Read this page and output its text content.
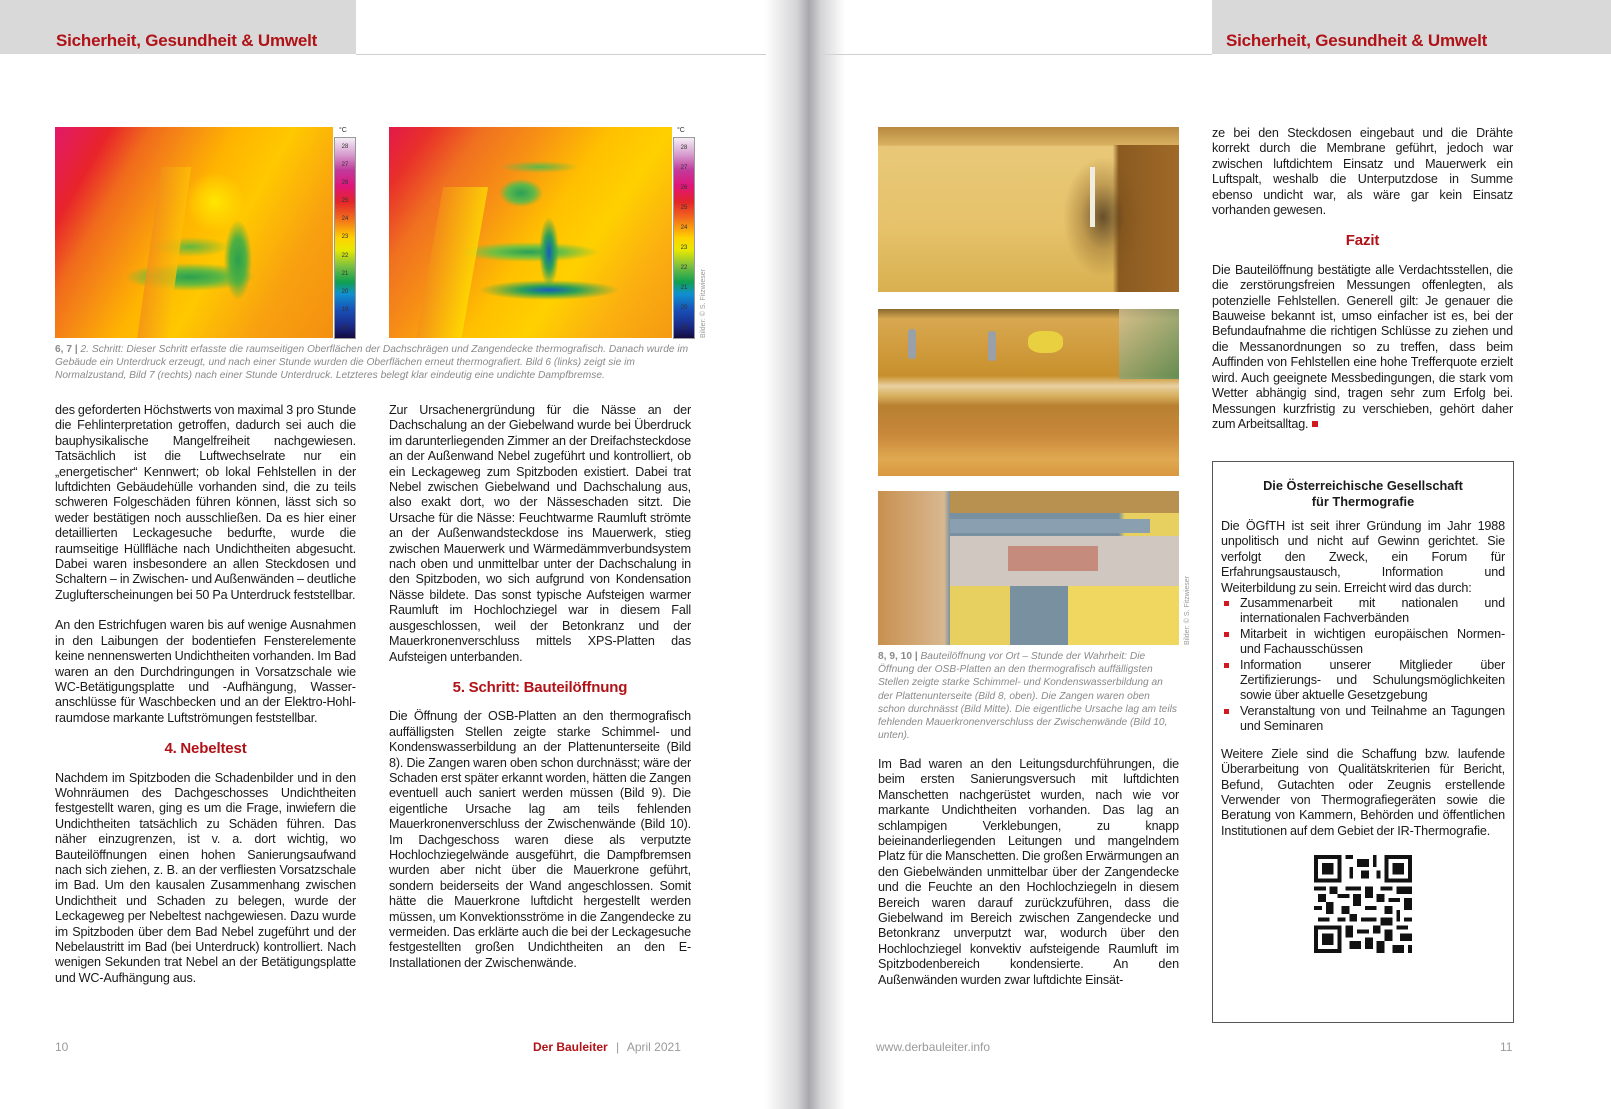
Sicherheit, Gesundheit & Umwelt
28
27
26
25
24
23
22
21
20
19
18
°C
28
27
26
25
24
23
22
21
20
19
°C
Bilder: © S. Fitzwieser
6, 7 | 2. Schritt: Dieser Schritt erfasste die raumseitigen Oberflächen der Dachschrägen und Zangendecke thermografisch. Danach wurde im Gebäude ein Unterdruck erzeugt, und nach einer Stunde wurden die Oberflächen erneut thermografiert. Bild 6 (links) zeigt sie im Normalzustand, Bild 7 (rechts) nach einer Stunde Unterdruck. Letzteres belegt klar eindeutig eine undichte Dampfbremse.

des geforderten Höchstwerts von maximal 3 pro Stunde die Fehlinterpretation getroffen, dadurch sei auch die bauphysikalische Mangelfreiheit nachgewiesen. Tatsächlich ist die Luftwechselrate nur ein „energetischer“ Kennwert; ob lokal Fehlstellen in der luftdichten Gebäudehülle vorhanden sind, die zu teils schweren Folgeschäden führen können, lässt sich so weder bestätigen noch ausschließen. Da es hier einer detaillierten Leckagesuche bedurfte, wurde die raumseitige Hüllfläche nach Undichtheiten abgesucht. Dabei waren insbesondere an allen Steckdosen und Schaltern – in Zwischen- und Außenwänden – deutliche Zuglufterscheinungen bei 50 Pa Unterdruck feststellbar.

An den Estrichfugen waren bis auf wenige Ausnahmen in den Laibungen der bodentiefen Fensterelemente keine nennenswerten Undichtheiten vorhanden. Im Bad waren an den Durchdringungen in Vorsatzschale wie WC-Betätigungsplatte und -Aufhängung, Wasseranschlüsse für Waschbecken und an der Elektro-Hohlraumdose markante Luftströmungen feststellbar.

4. Nebeltest

Nachdem im Spitzboden die Schadenbilder und in den Wohnräumen des Dachgeschosses Undichtheiten festgestellt waren, ging es um die Frage, inwiefern die Undichtheiten tatsächlich zu Schäden führen. Das näher einzugrenzen, ist v. a. dort wichtig, wo Bauteilöffnungen einen hohen Sanierungsaufwand nach sich ziehen, z. B. an der verfliesten Vorsatzschale im Bad. Um den kausalen Zusammenhang zwischen Undichtheit und Schaden zu belegen, wurde der Leckageweg per Nebeltest nachgewiesen. Dazu wurde im Spitzboden über dem Bad Nebel zugeführt und der Nebelaustritt im Bad (bei Unterdruck) kontrolliert. Nach wenigen Sekunden trat Nebel an der Betätigungsplatte und WC-Aufhängung aus.

Zur Ursachenergründung für die Nässe an der Dachschalung an der Giebelwand wurde bei Überdruck im darunterliegenden Zimmer an der Dreifachsteckdose an der Außenwand Nebel zugeführt und kontrolliert, ob ein Leckageweg zum Spitzboden existiert. Dabei trat Nebel zwischen Giebelwand und Dachschalung aus, also exakt dort, wo der Nässeschaden sitzt. Die Ursache für die Nässe: Feuchtwarme Raumluft strömte an der Außenwandsteckdose ins Mauerwerk, stieg zwischen Mauerwerk und Wärmedämmverbundsystem nach oben und unmittelbar unter der Dachschalung in den Spitzboden, wo sich aufgrund von Kondensation Nässe bildete. Das sonst typische Aufsteigen warmer Raumluft im Hochlochziegel war in diesem Fall ausgeschlossen, weil der Betonkranz und der Mauerkronenverschluss mittels XPS-Platten das Aufsteigen unterbanden.

5. Schritt: Bauteilöffnung

Die Öffnung der OSB-Platten an den thermografisch auffälligsten Stellen zeigte starke Schimmel- und Kondenswasserbildung an der Plattenunterseite (Bild 8). Die Zangen waren oben schon durchnässt; wäre der Schaden erst später erkannt worden, hätten die Zangen eventuell auch saniert werden müssen (Bild 9). Die eigentliche Ursache lag am teils fehlenden Mauerkronenverschluss der Zwischenwände (Bild 10). Im Dachgeschoss waren diese als verputzte Hochlochziegelwände ausgeführt, die Dampfbremsen wurden aber nicht über die Mauerkrone geführt, sondern beiderseits der Wand angeschlossen. Somit hätte die Mauerkrone luftdicht hergestellt werden müssen, um Konvektionsströme in die Zangendecke zu vermeiden. Das erklärte auch die bei der Leckagesuche festgestellten großen Undichtheiten an den E-Installationen der Zwischenwände.

10	Der Bauleiter | April 2021
Sicherheit, Gesundheit & Umwelt
Bilder: © S. Fitzwieser
8, 9, 10 | Bauteilöffnung vor Ort – Stunde der Wahrheit: Die Öffnung der OSB-Platten an den thermografisch auffälligsten Stellen zeigte starke Schimmel- und Kondenswasserbildung an der Plattenunterseite (Bild 8, oben). Die Zangen waren oben schon durchnässt (Bild Mitte). Die eigentliche Ursache lag am teils fehlenden Mauerkronenverschluss der Zwischenwände (Bild 10, unten).

Im Bad waren an den Leitungsdurchführungen, die beim ersten Sanierungsversuch mit luftdichten Manschetten nachgerüstet wurden, nach wie vor markante Undichtheiten vorhanden. Das lag an schlampigen Verklebungen, zu knapp beieinanderliegenden Leitungen und mangelndem Platz für die Manschetten. Die großen Erwärmungen an den Giebelwänden unmittelbar über der Zangendecke und die Feuchte an den Hochlochziegeln in diesem Bereich waren darauf zurückzuführen, dass die Giebelwand im Bereich zwischen Zangendecke und Betonkranz unverputzt war, wodurch über den Hochlochziegel konvektiv aufsteigende Raumluft im Spitzbodenbereich kondensierte. An den Außenwänden wurden zwar luftdichte Einsät-

ze bei den Steckdosen eingebaut und die Drähte korrekt durch die Membrane geführt, jedoch war zwischen luftdichtem Einsatz und Mauerwerk ein Luftspalt, weshalb die Unterputzdose in Summe ebenso undicht war, als wäre gar kein Einsatz vorhanden gewesen.

Fazit

Die Bauteilöffnung bestätigte alle Verdachtsstellen, die die zerstörungsfreien Messungen offenlegten, als potenzielle Fehlstellen. Generell gilt: Je genauer die Bauweise bekannt ist, umso einfacher ist es, bei der Befundaufnahme die richtigen Schlüsse zu ziehen und die Messanordnungen so zu treffen, dass beim Auffinden von Fehlstellen eine hohe Trefferquote erzielt wird. Auch geeignete Messbedingungen, die stark vom Wetter abhängig sind, tragen sehr zum Erfolg bei. Messungen kurzfristig zu verschieben, gehört daher zum Arbeitsalltag.

Die Österreichische Gesellschaft
für Thermografie

Die ÖGfTH ist seit ihrer Gründung im Jahr 1988 unpolitisch und nicht auf Gewinn gerichtet. Sie verfolgt den Zweck, ein Forum für Erfahrungsaustausch, Information und Weiterbildung zu sein. Erreicht wird das durch:

Zusammenarbeit mit nationalen und internationalen Fachverbänden
Mitarbeit in wichtigen europäischen Normen- und Fachausschüssen
Information unserer Mitglieder über Zertifizierungs- und Schulungsmöglichkeiten sowie über aktuelle Gesetzgebung
Veranstaltung von und Teilnahme an Tagungen und Seminaren

Weitere Ziele sind die Schaffung bzw. laufende Überarbeitung von Qualitätskriterien für Bericht, Befund, Gutachten oder Zeugnis erstellende Verwender von Thermografiegeräten sowie die Beratung von Kammern, Behörden und öffentlichen Institutionen auf dem Gebiet der IR-Thermografie.

www.derbauleiter.info	11
